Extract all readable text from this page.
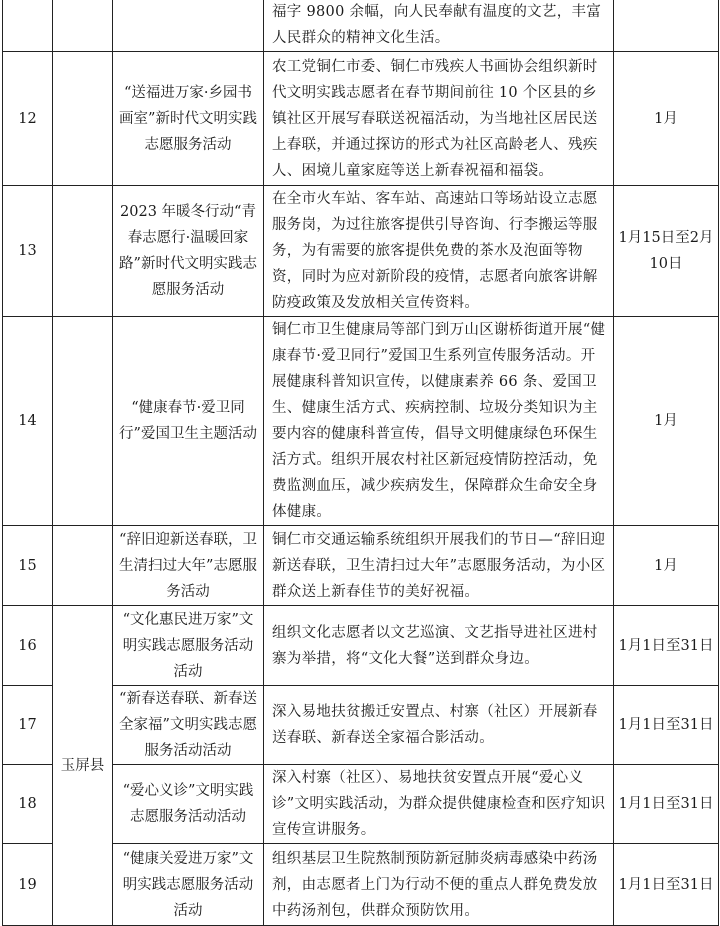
			福字 9800 余幅，向人民奉献有温度的文艺，丰富人民群众的精神文化生活。	
12		“送福进万家·乡园书画室”新时代文明实践志愿服务活动	农工党铜仁市委、铜仁市残疾人书画协会组织新时代文明实践志愿者在春节期间前往 10 个区县的乡镇社区开展写春联送祝福活动，为当地社区居民送上春联，并通过探访的形式为社区高龄老人、残疾人、困境儿童家庭等送上新春祝福和福袋。	1月
13		2023 年暖冬行动“青春志愿行·温暖回家路”新时代文明实践志愿服务活动	在全市火车站、客车站、高速站口等场站设立志愿服务岗，为过往旅客提供引导咨询、行李搬运等服务，为有需要的旅客提供免费的茶水及泡面等物资，同时为应对新阶段的疫情，志愿者向旅客讲解防疫政策及发放相关宣传资料。	1月15日至2月10日
14		“健康春节·爱卫同行”爱国卫生主题活动	铜仁市卫生健康局等部门到万山区谢桥街道开展“健康春节·爱卫同行”爱国卫生系列宣传服务活动。开展健康科普知识宣传，以健康素养 66 条、爱国卫生、健康生活方式、疾病控制、垃圾分类知识为主要内容的健康科普宣传，倡导文明健康绿色环保生活方式。组织开展农村社区新冠疫情防控活动，免费监测血压，减少疾病发生，保障群众生命安全身体健康。	1月
15		“辞旧迎新送春联，卫生清扫过大年”志愿服务活动	铜仁市交通运输系统组织开展我们的节日—“辞旧迎新送春联，卫生清扫过大年”志愿服务活动，为小区群众送上新春佳节的美好祝福。	1月
16	玉屏县	“文化惠民进万家”文明实践志愿服务活动活动	组织文化志愿者以文艺巡演、文艺指导进社区进村寨为举措，将“文化大餐”送到群众身边。	1月1日至31日
17		“新春送春联、新春送全家福”文明实践志愿服务活动活动	深入易地扶贫搬迁安置点、村寨（社区）开展新春送春联、新春送全家福合影活动。	1月1日至31日
18		“爱心义诊”文明实践志愿服务活动活动	深入村寨（社区）、易地扶贫安置点开展“爱心义诊”文明实践活动，为群众提供健康检查和医疗知识宣传宣讲服务。	1月1日至31日
19		“健康关爱进万家”文明实践志愿服务活动活动	组织基层卫生院熬制预防新冠肺炎病毒感染中药汤剂，由志愿者上门为行动不便的重点人群免费发放中药汤剂包，供群众预防饮用。	1月1日至31日
